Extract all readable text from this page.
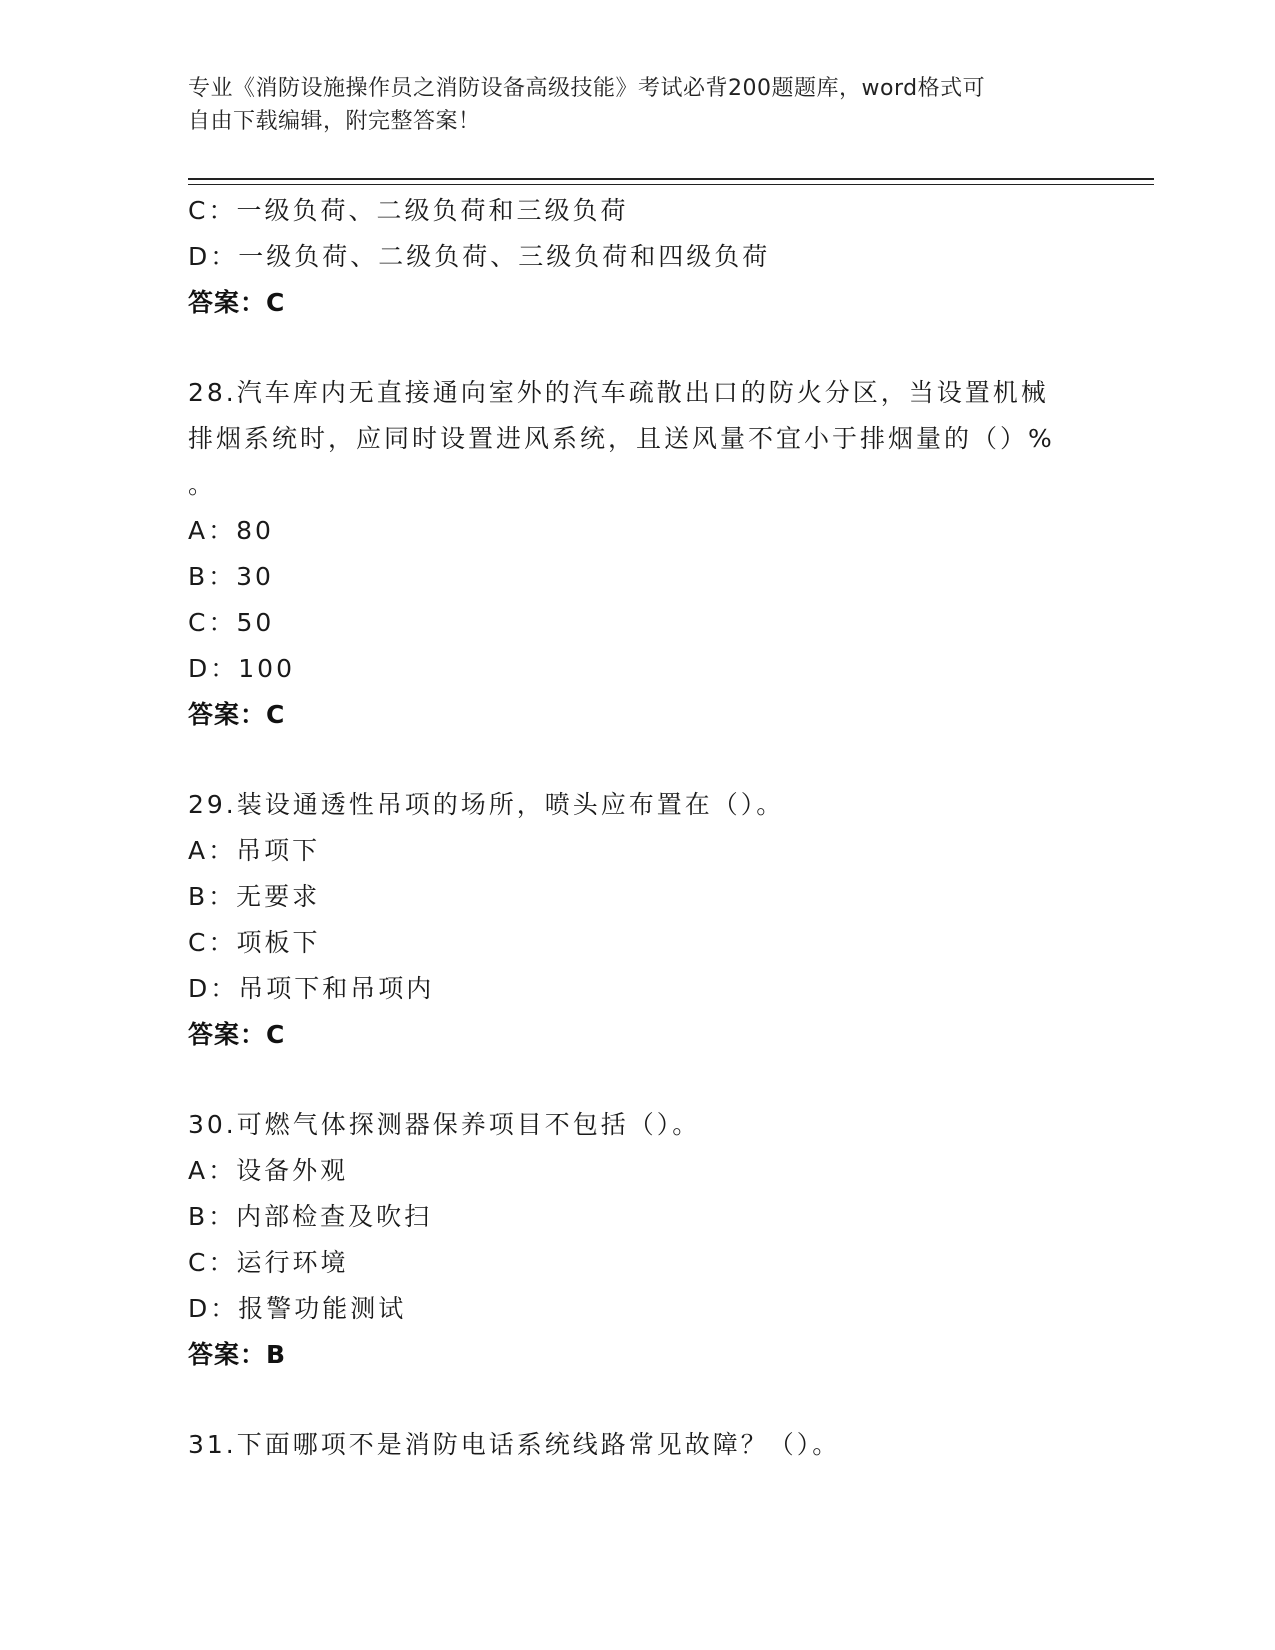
专业《消防设施操作员之消防设备高级技能》考试必背200题题库，word格式可
自由下载编辑，附完整答案！
C：一级负荷、二级负荷和三级负荷
D：一级负荷、二级负荷、三级负荷和四级负荷
答案：C
28.汽车库内无直接通向室外的汽车疏散出口的防火分区，当设置机械
排烟系统时，应同时设置进风系统，且送风量不宜小于排烟量的（）%
。
A：80
B：30
C：50
D：100
答案：C
29.装设通透性吊项的场所，喷头应布置在（）。
A：吊项下
B：无要求
C：项板下
D：吊项下和吊项内
答案：C
30.可燃气体探测器保养项目不包括（）。
A：设备外观
B：内部检查及吹扫
C：运行环境
D：报警功能测试
答案：B
31.下面哪项不是消防电话系统线路常见故障？（）。
